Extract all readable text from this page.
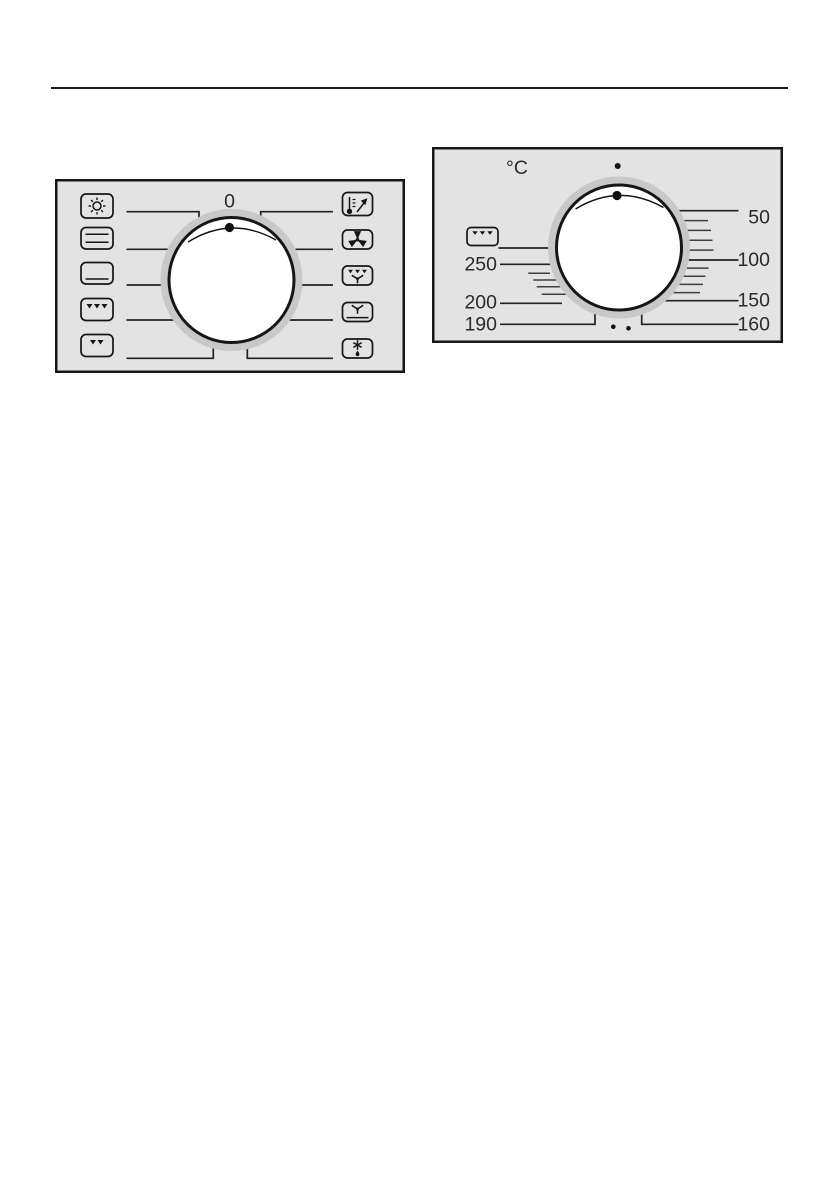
0
°C
250
200
190
50
100
150
160
